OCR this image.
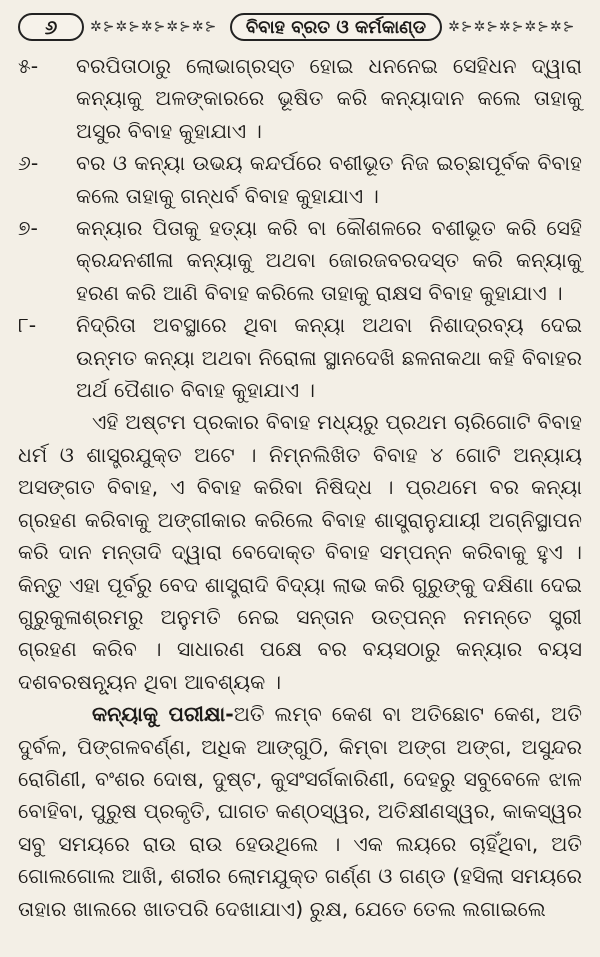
୬	✲⊱✲⊱✲⊱✲⊱✲⊱	ବିବାହ ବ୍ରତ ଓ କର୍ମକାଣ୍ଡ	✲⊱✲⊱✲⊱✲⊱✲⊱
୫-	ବରପିତାଠାରୁ ଲୋଭାଗ୍ରସ୍ତ ହୋଇ ଧନନେଇ ସେହିଧନ ଦ୍ୱାରା କନ୍ୟାକୁ ଅଳଙ୍କାରରେ ଭୂଷିତ କରି କନ୍ୟାଦାନ କଲେ ତାହାକୁ ଅସୁର ବିବାହ କୁହାଯାଏ ।
୬-	ବର ଓ କନ୍ୟା ଉଭୟ କନ୍ଦର୍ପରେ ବଶୀଭୂତ ନିଜ ଇଚ୍ଛାପୂର୍ବକ ବିବାହ କଲେ ତାହାକୁ ଗନ୍ଧର୍ବ ବିବାହ କୁହାଯାଏ ।
୭-	କନ୍ୟାର ପିତାକୁ ହତ୍ୟା କରି ବା କୌଶଳରେ ବଶୀଭୂତ କରି ସେହି କ୍ରନ୍ଦନଶୀଳା କନ୍ୟାକୁ ଅଥବା ଜୋରଜବରଦସ୍ତ କରି କନ୍ୟାକୁ ହରଣ କରି ଆଣି ବିବାହ କରିଲେ ତାହାକୁ ରାକ୍ଷସ ବିବାହ କୁହାଯାଏ ।
୮-	ନିଦ୍ରିତା ଅବସ୍ଥାରେ ଥିବା କନ୍ୟା ଅଥବା ନିଶାଦ୍ରବ୍ୟ ଦେଇ ଉନ୍ମତ କନ୍ୟା ଅଥବା ନିରୋଳା ସ୍ଥାନଦେଖି ଛଳନାକଥା କହି ବିବାହର ଅର୍ଥ ପୈଶାଚ ବିବାହ କୁହାଯାଏ ।
ଏହି ଅଷ୍ଟମ ପ୍ରକାର ବିବାହ ମଧ୍ୟରୁ ପ୍ରଥମ ଚାରିଗୋଟି ବିବାହ ଧର୍ମ ଓ ଶାସ୍ତ୍ରଯୁକ୍ତ ଅଟେ । ନିମ୍ନଲିଖିତ ବିବାହ ୪ ଗୋଟି ଅନ୍ୟାୟ ଅସଙ୍ଗତ ବିବାହ, ଏ ବିବାହ କରିବା ନିଷିଦ୍ଧ । ପ୍ରଥମେ ବର କନ୍ୟା ଗ୍ରହଣ କରିବାକୁ ଅଙ୍ଗୀକାର କରିଲେ ବିବାହ ଶାସ୍ତ୍ରାନୁଯାୟୀ ଅଗ୍ନିସ୍ଥାପନ କରି ଦାନ ମନ୍ତାଦି ଦ୍ୱାରା ବେଦୋକ୍ତ ବିବାହ ସମ୍ପନ୍ନ କରିବାକୁ ହୁଏ । କିନ୍ତୁ ଏହା ପୂର୍ବରୁ ବେଦ ଶାସ୍ତ୍ରାଦି ବିଦ୍ୟା ଲାଭ କରି ଗୁରୁଙ୍କୁ ଦକ୍ଷିଣା ଦେଇ ଗୁରୁକୁଳାଶ୍ରମରୁ ଅନୁମତି ନେଇ ସନ୍ତାନ ଉତ୍ପନ୍ନ ନମନ୍ତେ ସ୍ତ୍ରୀ ଗ୍ରହଣ କରିବ । ସାଧାରଣ ପକ୍ଷେ ବର ବୟସଠାରୁ କନ୍ୟାର ବୟସ ଦଶବରଷନ୍ୟୂନ ଥିବା ଆବଶ୍ୟକ ।
କନ୍ୟାକୁ ପରୀକ୍ଷା-ଅତି ଲମ୍ବ କେଶ ବା ଅତିଛୋଟ କେଶ, ଅତି ଦୁର୍ବଳ, ପିଙ୍ଗଳବର୍ଣ୍ଣ, ଅଧିକ ଆଙ୍ଗୁଠି, କିମ୍ବା ଅଙ୍ଗ ଅଙ୍ଗ, ଅସୁନ୍ଦର ରୋଗିଣୀ, ବଂଶର ଦୋଷ, ଦୁଷ୍ଟ, କୁସଂସର୍ଗକାରିଣୀ, ଦେହରୁ ସବୁବେଳେ ଝାଳ ବୋହିବା, ପୁରୁଷ ପ୍ରକୃତି, ଘାଗତ କଣ୍ଠସ୍ୱର, ଅତିକ୍ଷୀଣସ୍ୱର, କାକସ୍ୱର ସବୁ ସମୟରେ ରାଉ ରାଉ ହେଉଥିଲେ । ଏକ ଲୟରେ ଚାହିଁଥିବା, ଅତି ଗୋଲଗୋଲ ଆଖି, ଶରୀର ଲୋମଯୁକ୍ତ ଗର୍ଣ୍ଣ ଓ ଗଣ୍ଡ (ହସିଲା ସମୟରେ ତାହାର ଖାଲରେ ଖାତପରି ଦେଖାଯାଏ) ରୁକ୍ଷ, ଯେତେ ତେଲ ଲଗାଇଲେ
